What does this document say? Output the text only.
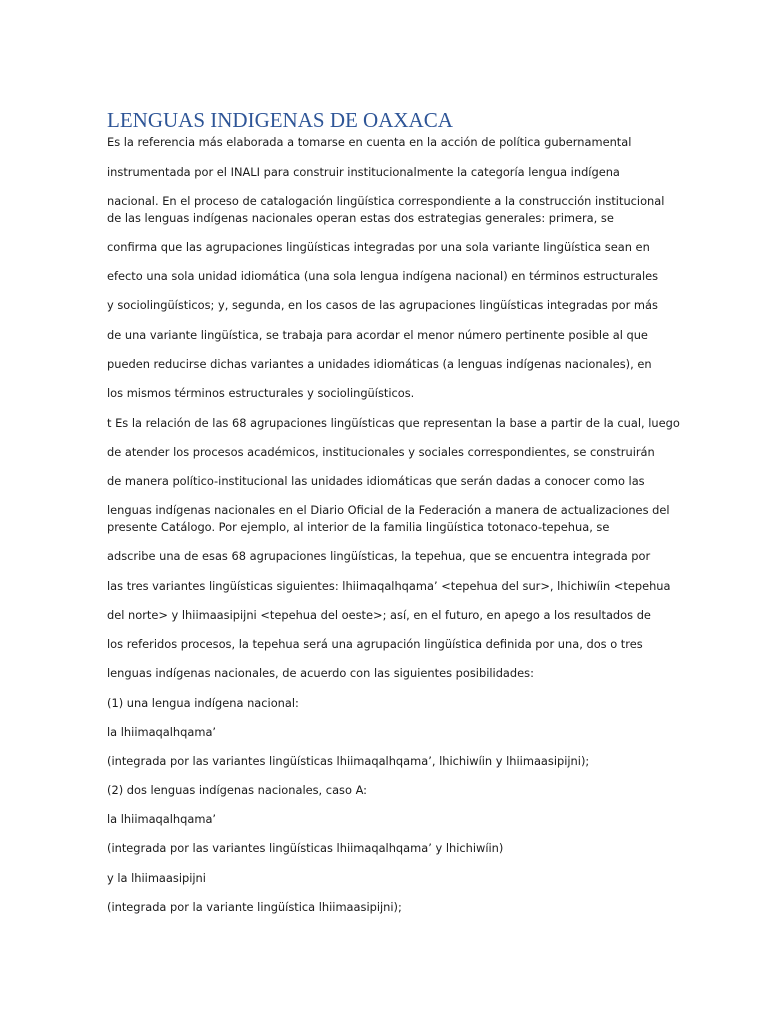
LENGUAS INDIGENAS DE OAXACA

Es la referencia más elaborada a tomarse en cuenta en la acción de política gubernamental

instrumentada por el INALI para construir institucionalmente la categoría lengua indígena

nacional. En el proceso de catalogación lingüística correspondiente a la construcción institucional

de las lenguas indígenas nacionales operan estas dos estrategias generales: primera, se

confirma que las agrupaciones lingüísticas integradas por una sola variante lingüística sean en

efecto una sola unidad idiomática (una sola lengua indígena nacional) en términos estructurales

y sociolingüísticos; y, segunda, en los casos de las agrupaciones lingüísticas integradas por más

de una variante lingüística, se trabaja para acordar el menor número pertinente posible al que

pueden reducirse dichas variantes a unidades idiomáticas (a lenguas indígenas nacionales), en

los mismos términos estructurales y sociolingüísticos.

t Es la relación de las 68 agrupaciones lingüísticas que representan la base a partir de la cual, luego

de atender los procesos académicos, institucionales y sociales correspondientes, se construirán

de manera político-institucional las unidades idiomáticas que serán dadas a conocer como las

lenguas indígenas nacionales en el Diario Oficial de la Federación a manera de actualizaciones del

presente Catálogo. Por ejemplo, al interior de la familia lingüística totonaco-tepehua, se

adscribe una de esas 68 agrupaciones lingüísticas, la tepehua, que se encuentra integrada por

las tres variantes lingüísticas siguientes: lhiimaqalhqama’ <tepehua del sur>, lhichiwíin <tepehua

del norte> y lhiimaasipijni <tepehua del oeste>; así, en el futuro, en apego a los resultados de

los referidos procesos, la tepehua será una agrupación lingüística definida por una, dos o tres

lenguas indígenas nacionales, de acuerdo con las siguientes posibilidades:

(1) una lengua indígena nacional:

la lhiimaqalhqama’

(integrada por las variantes lingüísticas lhiimaqalhqama’, lhichiwíin y lhiimaasipijni);

(2) dos lenguas indígenas nacionales, caso A:

la lhiimaqalhqama’

(integrada por las variantes lingüísticas lhiimaqalhqama’ y lhichiwíin)

y la lhiimaasipijni

(integrada por la variante lingüística lhiimaasipijni);
